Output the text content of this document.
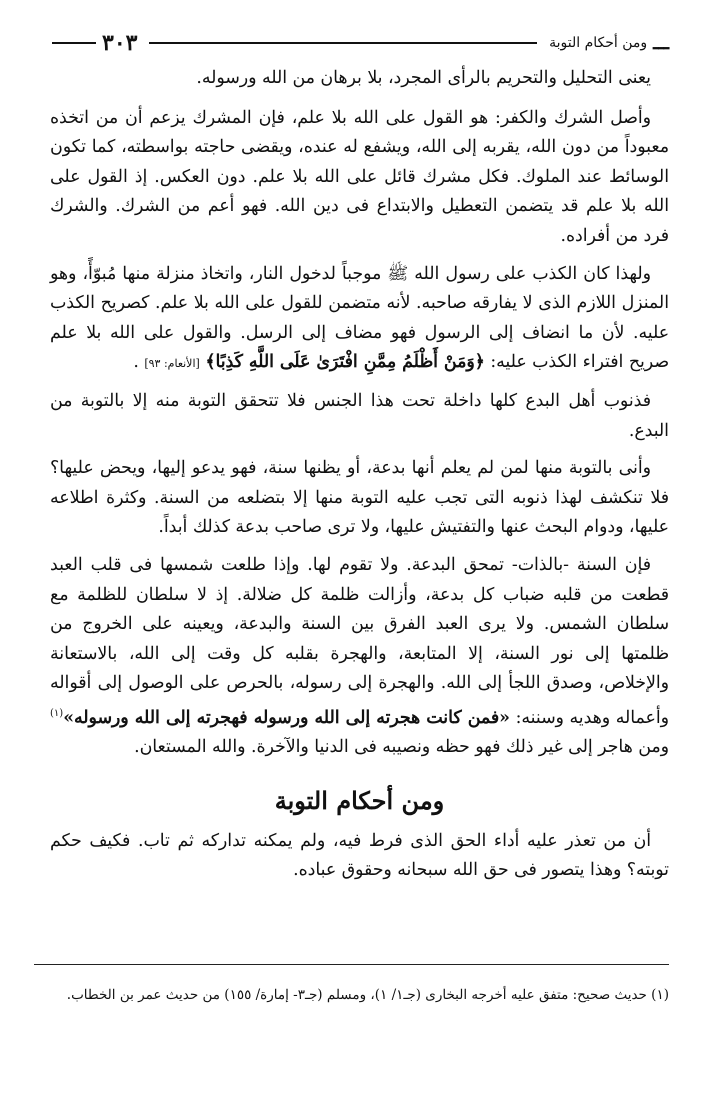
ـــ
ومن أحكام التوبة
٣٠٣

يعنى التحليل والتحريم بالرأى المجرد، بلا برهان من الله ورسوله.

وأصل الشرك والكفر: هو القول على الله بلا علم، فإن المشرك يزعم أن من اتخذه معبوداً من دون الله، يقربه إلى الله، ويشفع له عنده، ويقضى حاجته بواسطته، كما تكون الوسائط عند الملوك. فكل مشرك قائل على الله بلا علم. دون العكس. إذ القول على الله بلا علم قد يتضمن التعطيل والابتداع فى دين الله. فهو أعم من الشرك. والشرك فرد من أفراده.

ولهذا كان الكذب على رسول الله ﷺ موجباً لدخول النار، واتخاذ منزلة منها مُبوّأً، وهو المنزل اللازم الذى لا يفارقه صاحبه. لأنه متضمن للقول على الله بلا علم. كصريح الكذب عليه. لأن ما انضاف إلى الرسول فهو مضاف إلى الرسل. والقول على الله بلا علم صريح افتراء الكذب عليه: ﴿وَمَنْ أَظْلَمُ مِمَّنِ افْتَرَىٰ عَلَى اللَّهِ كَذِبًا﴾ [الأنعام: ٩٣] .

فذنوب أهل البدع كلها داخلة تحت هذا الجنس فلا تتحقق التوبة منه إلا بالتوبة من البدع.

وأنى بالتوبة منها لمن لم يعلم أنها بدعة، أو يظنها سنة، فهو يدعو إليها، ويحض عليها؟ فلا تنكشف لهذا ذنوبه التى تجب عليه التوبة منها إلا بتضلعه من السنة. وكثرة اطلاعه عليها، ودوام البحث عنها والتفتيش عليها، ولا ترى صاحب بدعة كذلك أبداً.

فإن السنة -بالذات- تمحق البدعة. ولا تقوم لها. وإذا طلعت شمسها فى قلب العبد قطعت من قلبه ضباب كل بدعة، وأزالت ظلمة كل ضلالة. إذ لا سلطان للظلمة مع سلطان الشمس. ولا يرى العبد الفرق بين السنة والبدعة، ويعينه على الخروج من ظلمتها إلى نور السنة، إلا المتابعة، والهجرة بقلبه كل وقت إلى الله، بالاستعانة والإخلاص، وصدق اللجأ إلى الله. والهجرة إلى رسوله، بالحرص على الوصول إلى أقواله وأعماله وهديه وسننه: «فمن كانت هجرته إلى الله ورسوله فهجرته إلى الله ورسوله»$^{(١)}$ ومن هاجر إلى غير ذلك فهو حظه ونصيبه فى الدنيا والآخرة. والله المستعان.

ومن أحكام التوبة

أن من تعذر عليه أداء الحق الذى فرط فيه، ولم يمكنه تداركه ثم تاب. فكيف حكم توبته؟ وهذا يتصور فى حق الله سبحانه وحقوق عباده.

(١) حديث صحيح: متفق عليه أخرجه البخارى (جـ١/ ١)، ومسلم (جـ٣- إمارة/ ١٥٥) من حديث عمر بن الخطاب.
